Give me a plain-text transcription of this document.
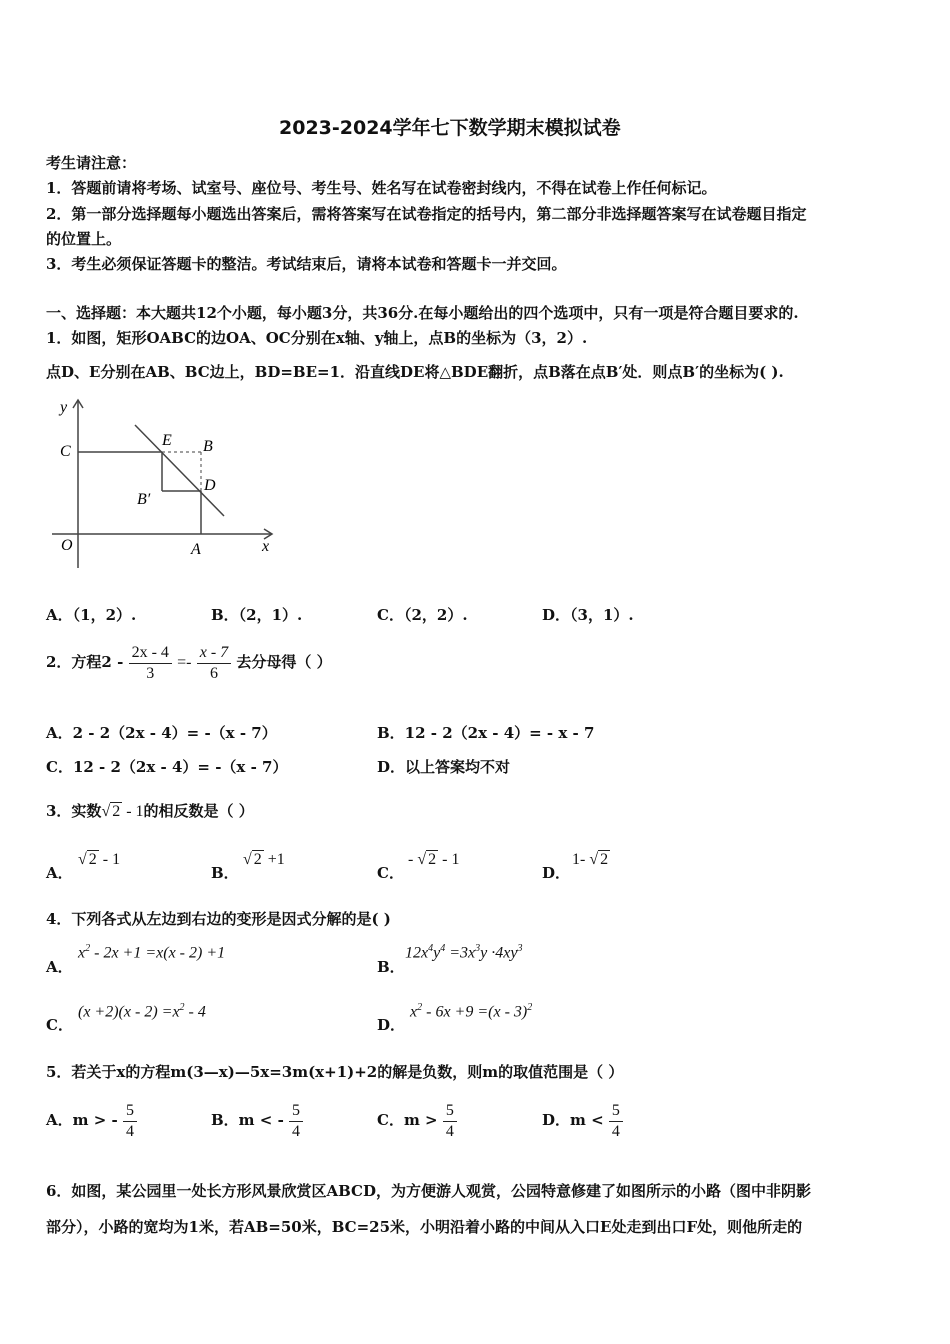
2023-2024学年七下数学期末模拟试卷
考生请注意：
1．答题前请将考场、试室号、座位号、考生号、姓名写在试卷密封线内，不得在试卷上作任何标记。
2．第一部分选择题每小题选出答案后，需将答案写在试卷指定的括号内，第二部分非选择题答案写在试卷题目指定
的位置上。
3．考生必须保证答题卡的整洁。考试结束后，请将本试卷和答题卡一并交回。
一、选择题：本大题共12个小题，每小题3分，共36分.在每小题给出的四个选项中，只有一项是符合题目要求的.
1．如图，矩形OABC的边OA、OC分别在x轴、y轴上，点B的坐标为（3，2）.
点D、E分别在AB、BC边上，BD=BE=1．沿直线DE将△BDE翻折，点B落在点B′处．则点B′的坐标为( ).
y
x
C
E B
D
B′
O	A
A．（1，2）.	B．（2，1）.	C．（2，2）.	D．（3，1）.
2．方程$2 - \frac{2x - 4}{3} =- \frac{x - 7}{6}$ 去分母得（ ）
A．2 - 2（2x - 4）= -（x - 7）	B．12 - 2（2x - 4）= - x - 7
C．12 - 2（2x - 4）= -（x - 7）	D．以上答案均不对
3．实数√ 2 - 1的相反数是（ ）
A．
√ 2 - 1
B．
√ 2 +1
C．
- √ 2 - 1
D．
1- √ 2
4．下列各式从左边到右边的变形是因式分解的是( )
A．
$x^2 - 2x +1 =x(x - 2) +1$
B．
$12x^4y^4 =3x^3y \cdot 4xy^3$
C．
$(x +2)(x - 2) =x^2 - 4$
D．
$x^2 - 6x +9 =(x - 3)^2$
5．若关于x的方程m(3—x)—5x=3m(x+1)+2的解是负数，则m的取值范围是（ ）
A．m > - $\frac{5}{4}$	B．m < - $\frac{5}{4}$	C．$m > \frac{5}{4}$	D．$m < \frac{5}{4}$
6．如图，某公园里一处长方形风景欣赏区ABCD，为方便游人观赏，公园特意修建了如图所示的小路（图中非阴影
部分），小路的宽均为1米，若AB=50米，BC=25米，小明沿着小路的中间从入口E处走到出口F处，则他所走的
